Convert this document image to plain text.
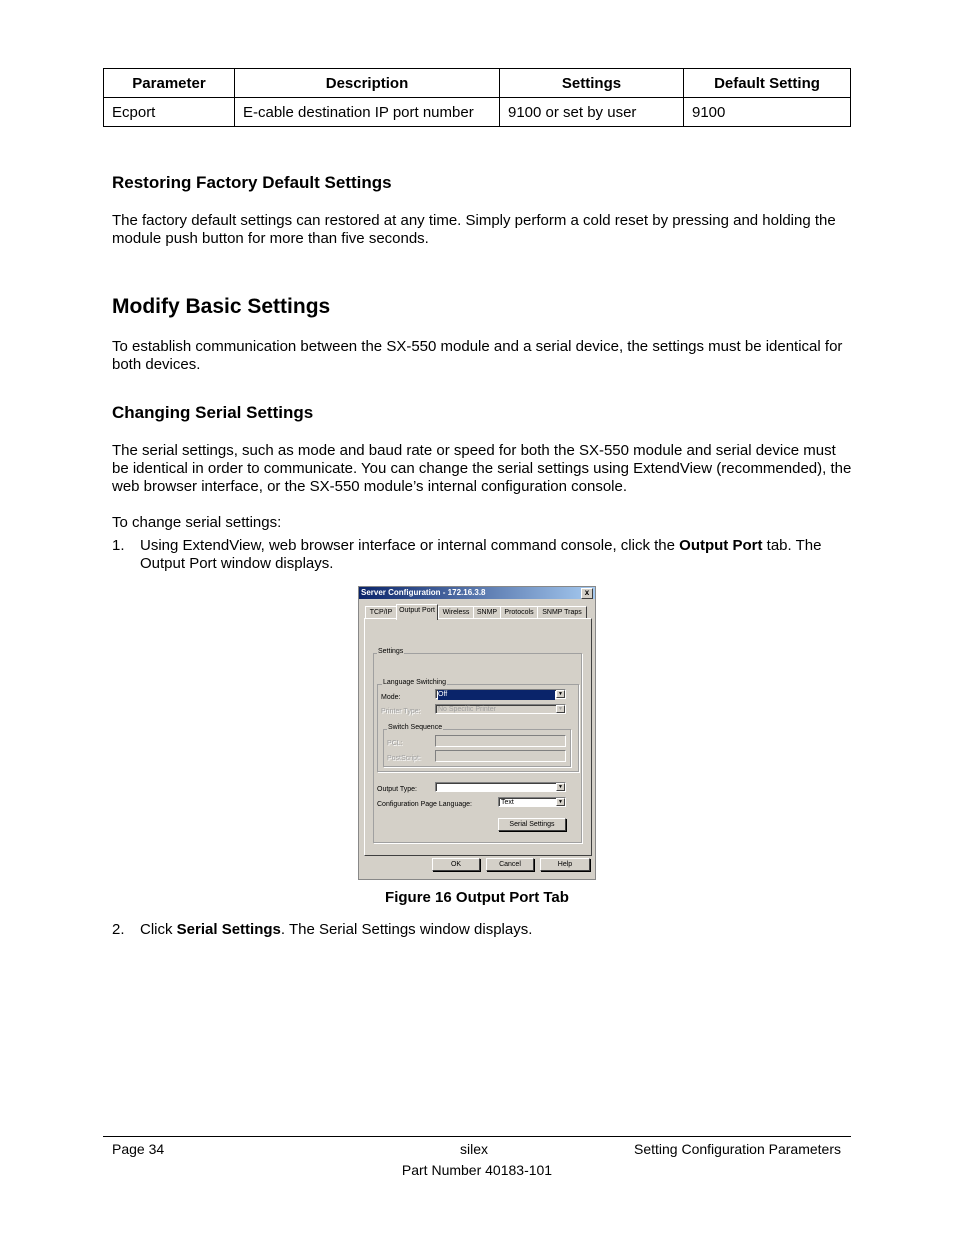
Parameter	Description	Settings	Default Setting
Ecport	E-cable destination IP port number	9100 or set by user	9100
Restoring Factory Default Settings

The factory default settings can restored at any time. Simply perform a cold reset by pressing and holding the module push button for more than five seconds.

Modify Basic Settings

To establish communication between the SX-550 module and a serial device, the settings must be identical for both devices.

Changing Serial Settings

The serial settings, such as mode and baud rate or speed for both the SX-550 module and serial device must be identical in order to communicate. You can change the serial settings using ExtendView (recommended), the web browser interface, or the SX-550 module’s internal configuration console.

To change serial settings:

1. Using ExtendView, web browser interface or internal command console, click the Output Port tab. The Output Port window displays.

Server Configuration - 172.16.3.8	x
TCP/IP Output Port	Wireless	SNMP	Protocols	SNMP Traps
Settings
Language Switching
Mode:	Off	▼
Printer Type:	No Specific Printer	▼
Switch Sequence
PCL:
PostScript:
Output Type:	▼
Configuration Page Language:	Text	▼
Serial Settings
OK	Cancel	Help
Figure 16 Output Port Tab
2. Click Serial Settings. The Serial Settings window displays.

Page 34	silex	Setting Configuration Parameters
Part Number 40183-101
